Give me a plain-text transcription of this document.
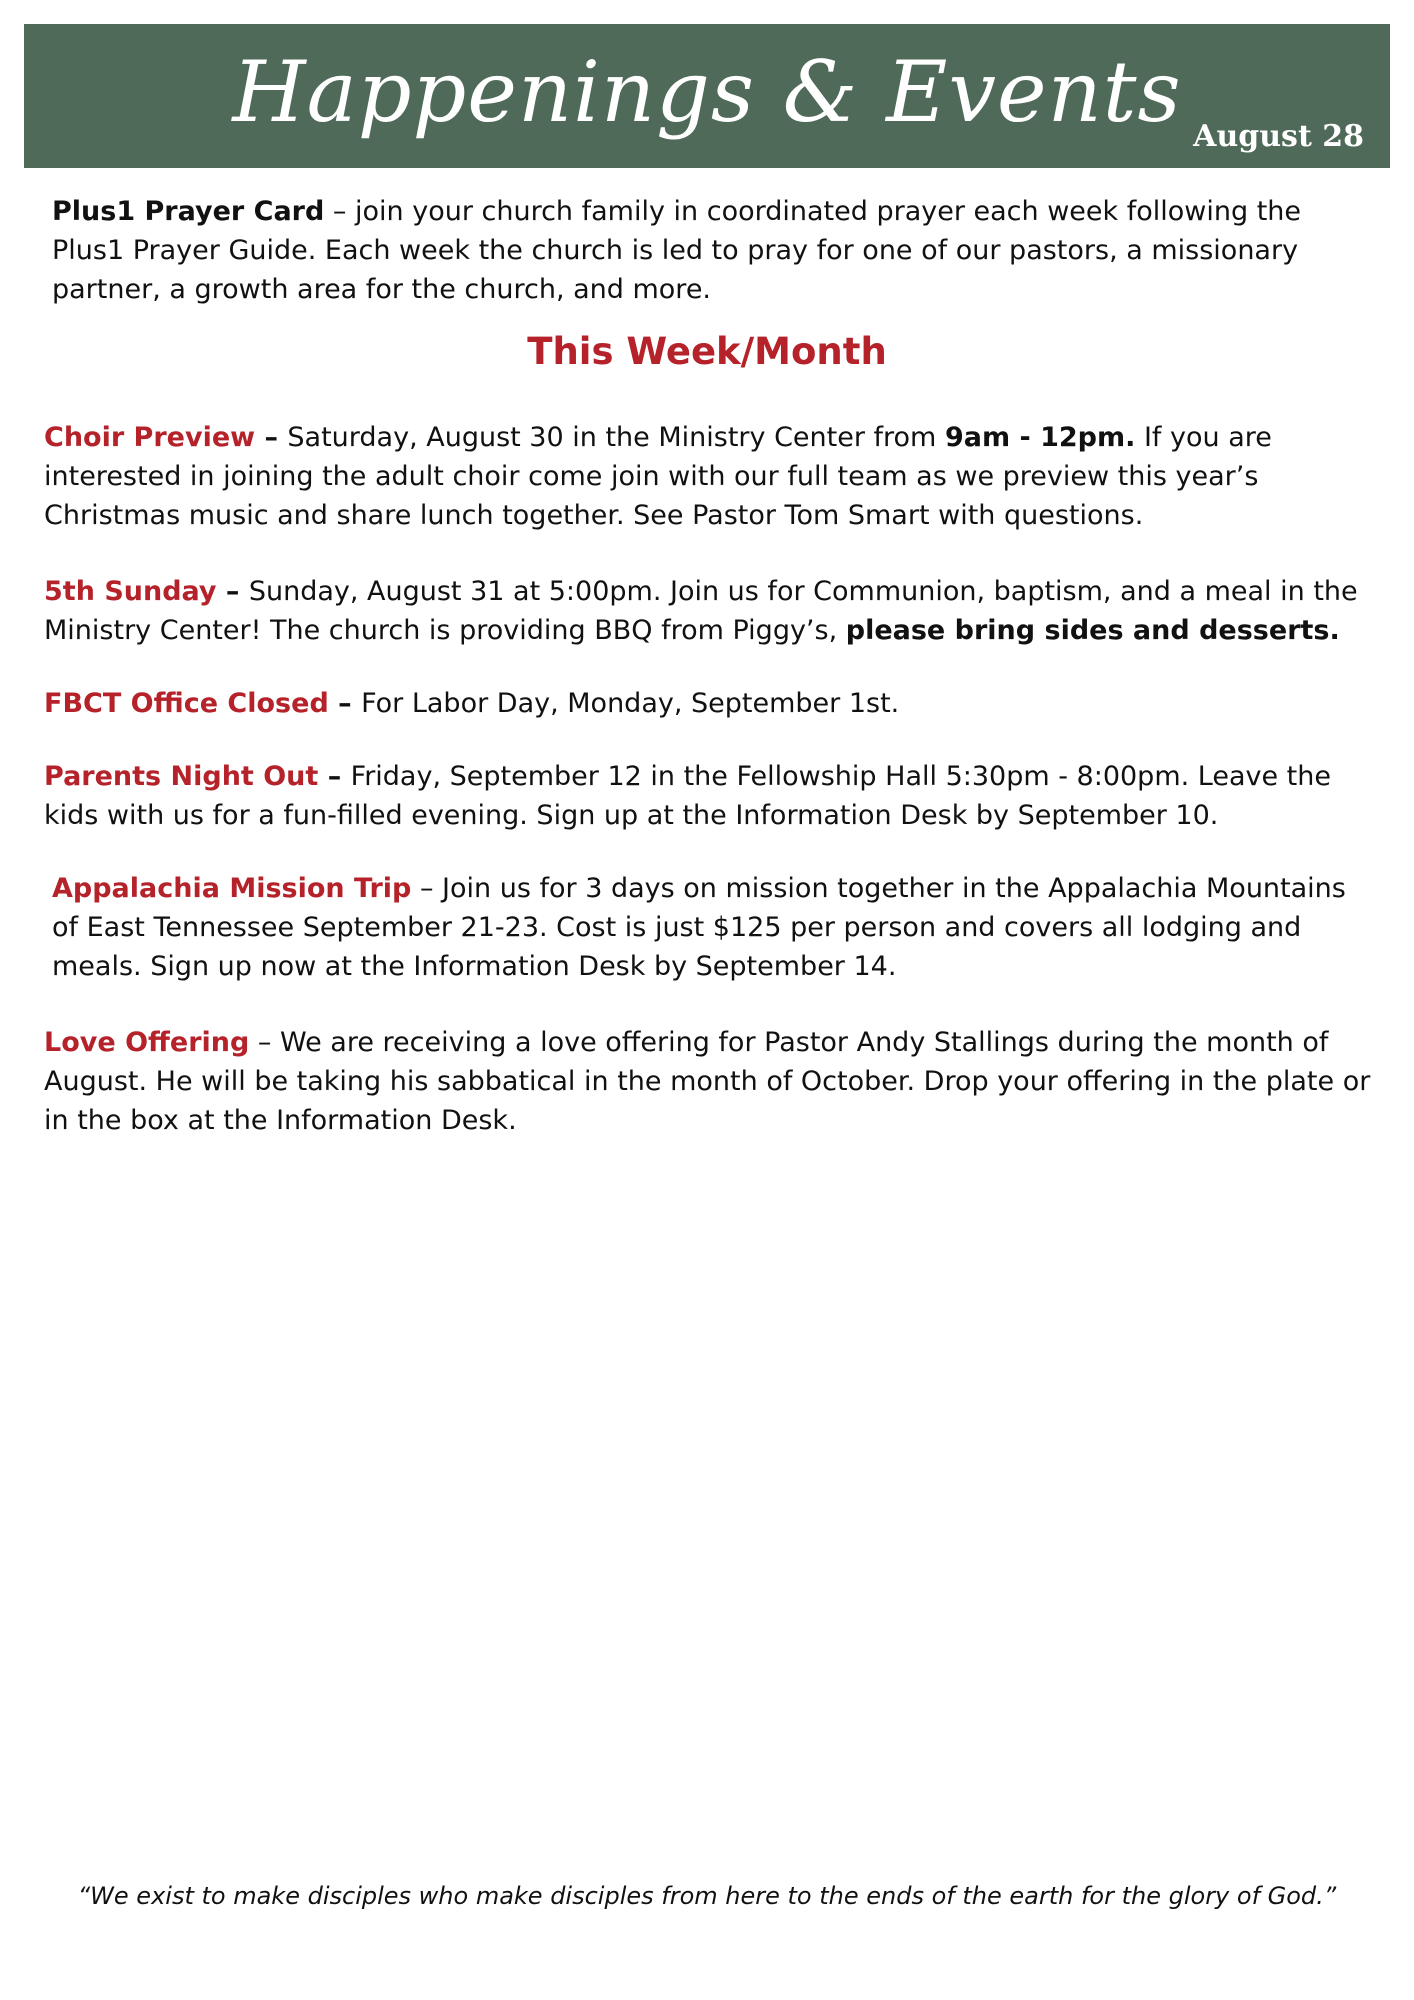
Happenings & Events August 28

Plus1 Prayer Card – join your church family in coordinated prayer each week following the Plus1 Prayer Guide. Each week the church is led to pray for one of our pastors, a missionary partner, a growth area for the church, and more.

This Week/Month

Choir Preview – Saturday, August 30 in the Ministry Center from 9am - 12pm. If you are interested in joining the adult choir come join with our full team as we preview this year’s Christmas music and share lunch together. See Pastor Tom Smart with questions.

5th Sunday – Sunday, August 31 at 5:00pm. Join us for Communion, baptism, and a meal in the Ministry Center! The church is providing BBQ from Piggy’s, please bring sides and desserts.

FBCT Office Closed – For Labor Day, Monday, September 1st.

Parents Night Out – Friday, September 12 in the Fellowship Hall 5:30pm - 8:00pm. Leave the kids with us for a fun-filled evening. Sign up at the Information Desk by September 10.

Appalachia Mission Trip – Join us for 3 days on mission together in the Appalachia Mountains of East Tennessee September 21-23. Cost is just $125 per person and covers all lodging and meals. Sign up now at the Information Desk by September 14.

Love Offering – We are receiving a love offering for Pastor Andy Stallings during the month of August. He will be taking his sabbatical in the month of October. Drop your offering in the plate or in the box at the Information Desk.

“We exist to make disciples who make disciples from here to the ends of the earth for the glory of God.”
